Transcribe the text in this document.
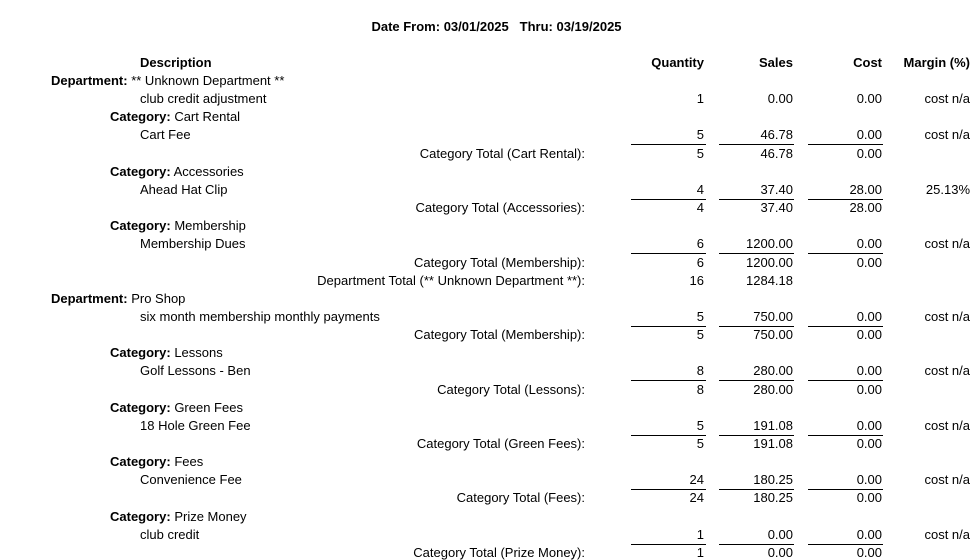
Date From: 03/01/2025 Thru: 03/19/2025
Description	Quantity	Sales	Cost	Margin (%)
Department: ** Unknown Department **
club credit adjustment	1	0.00	0.00	cost n/a
Category: Cart Rental
Cart Fee	5	46.78	0.00	cost n/a
Category Total (Cart Rental):	5	46.78	0.00
Category: Accessories
Ahead Hat Clip	4	37.40	28.00	25.13%
Category Total (Accessories):	4	37.40	28.00
Category: Membership
Membership Dues	6	1200.00	0.00	cost n/a
Category Total (Membership):	6	1200.00	0.00
Department Total (** Unknown Department **):	16	1284.18
Department: Pro Shop
six month membership monthly payments	5	750.00	0.00	cost n/a
Category Total (Membership):	5	750.00	0.00
Category: Lessons
Golf Lessons - Ben	8	280.00	0.00	cost n/a
Category Total (Lessons):	8	280.00	0.00
Category: Green Fees
18 Hole Green Fee	5	191.08	0.00	cost n/a
Category Total (Green Fees):	5	191.08	0.00
Category: Fees
Convenience Fee	24	180.25	0.00	cost n/a
Category Total (Fees):	24	180.25	0.00
Category: Prize Money
club credit	1	0.00	0.00	cost n/a
Category Total (Prize Money):	1	0.00	0.00
